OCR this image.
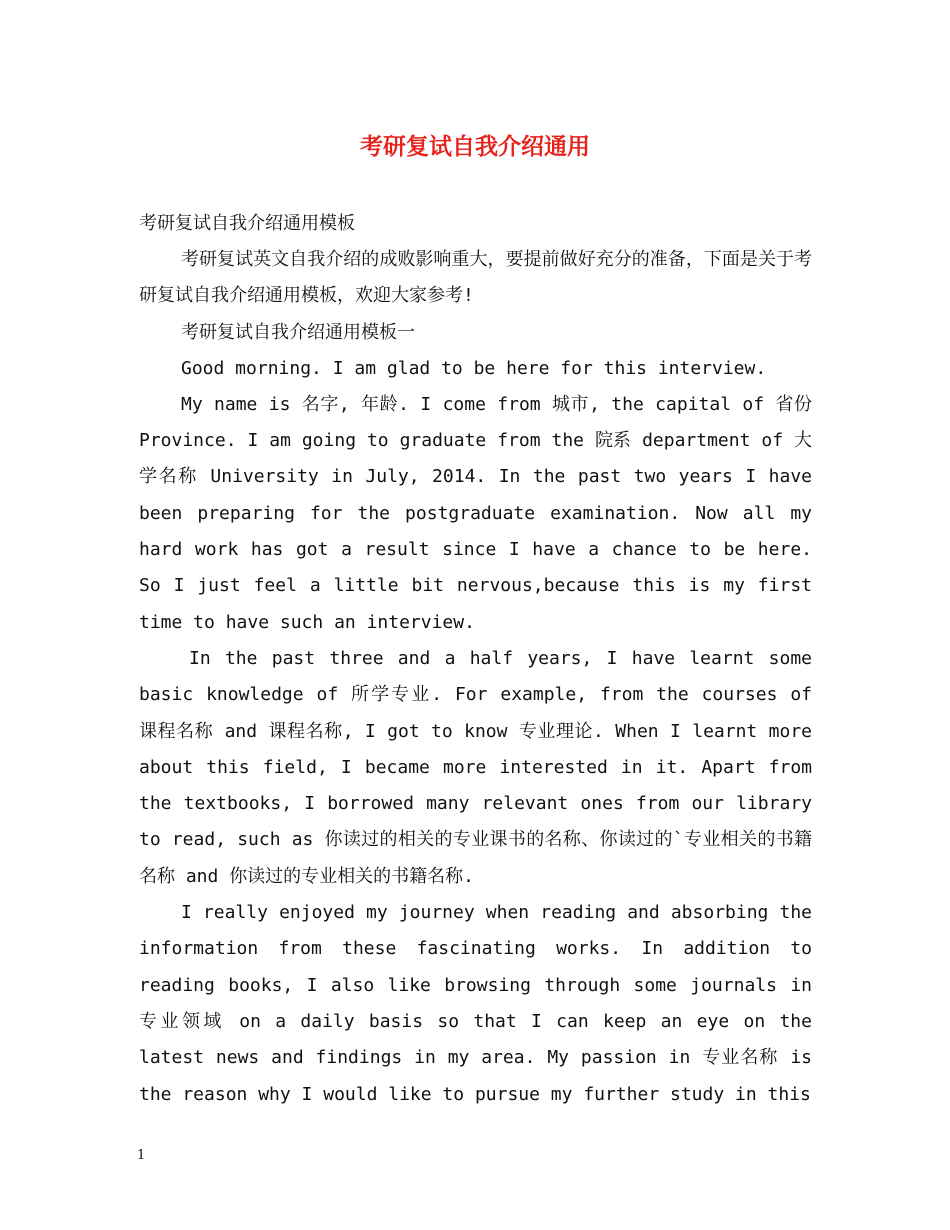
考研复试自我介绍通用
考研复试自我介绍通用模板

考研复试英文自我介绍的成败影响重大，要提前做好充分的准备，下面是关于考研复试自我介绍通用模板，欢迎大家参考!

考研复试自我介绍通用模板一

Good morning. I am glad to be here for this interview.

My name is 名字, 年龄. I come from 城市, the capital of 省份 Province. I am going to graduate from the 院系 department of 大学名称 University in July, 2014. In the past two years I have been preparing for the postgraduate examination. Now all my hard work has got a result since I have a chance to be here. So I just feel a little bit nervous,because this is my first time to have such an interview.

In the past three and a half years, I have learnt some basic knowledge of 所学专业. For example, from the courses of 课程名称 and 课程名称, I got to know 专业理论. When I learnt more about this field, I became more interested in it. Apart from the textbooks, I borrowed many relevant ones from our library to read, such as 你读过的相关的专业课书的名称、你读过的`专业相关的书籍名称 and 你读过的专业相关的书籍名称.

I really enjoyed my journey when reading and absorbing the information from these fascinating works. In addition to reading books, I also like browsing through some journals in 专业领域 on a daily basis so that I can keep an eye on the latest news and findings in my area. My passion in 专业名称 is the reason why I would like to pursue my further study in this

1
